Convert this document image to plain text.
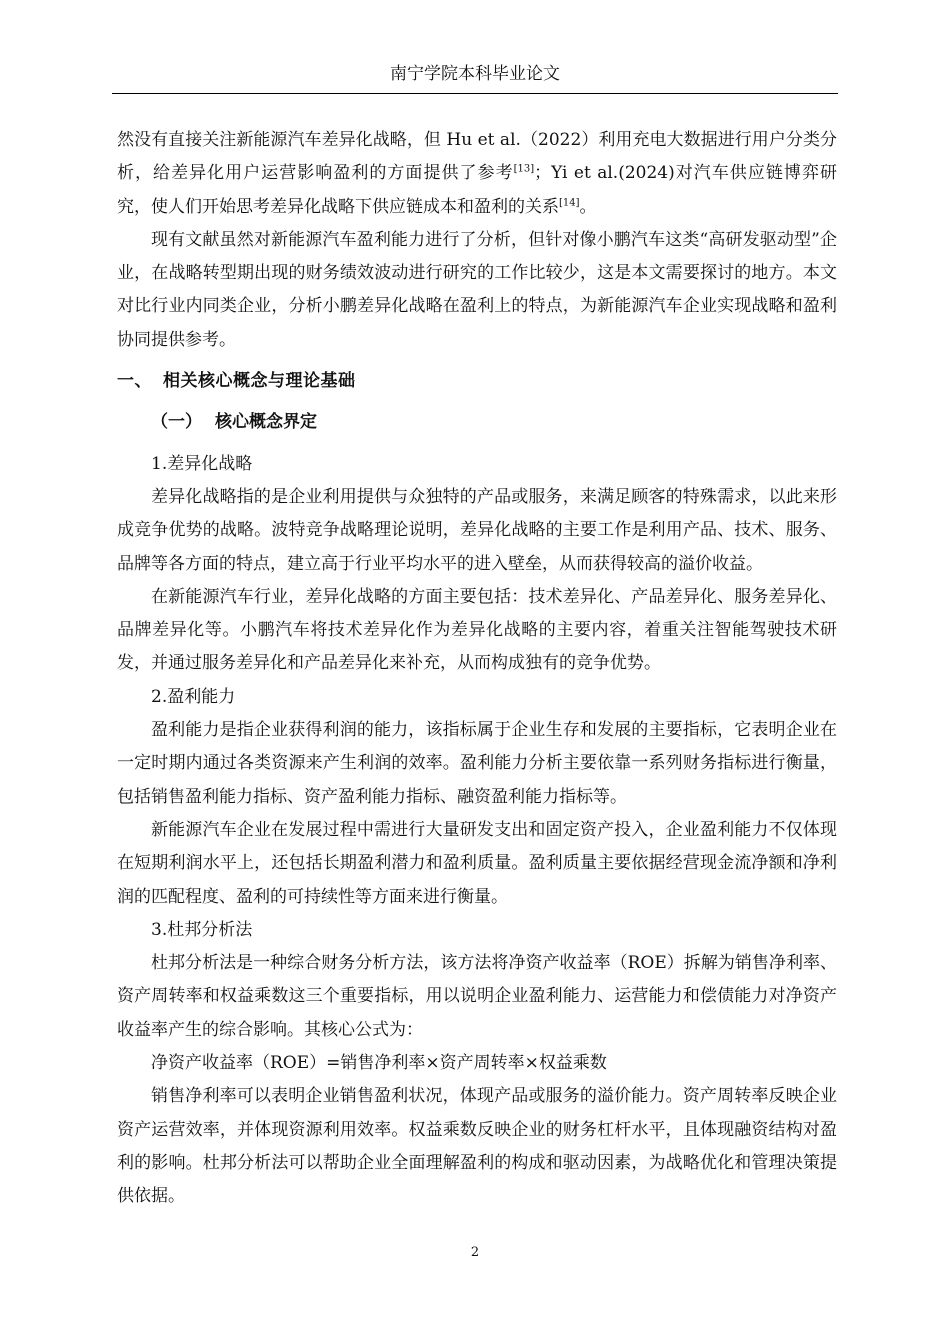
南宁学院本科毕业论文

然没有直接关注新能源汽车差异化战略，但 Hu et al.（2022）利用充电大数据进行用户分类分析，给差异化用户运营影响盈利的方面提供了参考[13]；Yi et al.(2024)对汽车供应链博弈研究，使人们开始思考差异化战略下供应链成本和盈利的关系[14]。

现有文献虽然对新能源汽车盈利能力进行了分析，但针对像小鹏汽车这类“高研发驱动型”企业，在战略转型期出现的财务绩效波动进行研究的工作比较少，这是本文需要探讨的地方。本文对比行业内同类企业，分析小鹏差异化战略在盈利上的特点，为新能源汽车企业实现战略和盈利协同提供参考。

一、 相关核心概念与理论基础

（一） 核心概念界定

1.差异化战略

差异化战略指的是企业利用提供与众独特的产品或服务，来满足顾客的特殊需求，以此来形成竞争优势的战略。波特竞争战略理论说明，差异化战略的主要工作是利用产品、技术、服务、品牌等各方面的特点，建立高于行业平均水平的进入壁垒，从而获得较高的溢价收益。

在新能源汽车行业，差异化战略的方面主要包括：技术差异化、产品差异化、服务差异化、品牌差异化等。小鹏汽车将技术差异化作为差异化战略的主要内容，着重关注智能驾驶技术研发，并通过服务差异化和产品差异化来补充，从而构成独有的竞争优势。

2.盈利能力

盈利能力是指企业获得利润的能力，该指标属于企业生存和发展的主要指标，它表明企业在一定时期内通过各类资源来产生利润的效率。盈利能力分析主要依靠一系列财务指标进行衡量，包括销售盈利能力指标、资产盈利能力指标、融资盈利能力指标等。

新能源汽车企业在发展过程中需进行大量研发支出和固定资产投入，企业盈利能力不仅体现在短期利润水平上，还包括长期盈利潜力和盈利质量。盈利质量主要依据经营现金流净额和净利润的匹配程度、盈利的可持续性等方面来进行衡量。

3.杜邦分析法

杜邦分析法是一种综合财务分析方法，该方法将净资产收益率（ROE）拆解为销售净利率、资产周转率和权益乘数这三个重要指标，用以说明企业盈利能力、运营能力和偿债能力对净资产收益率产生的综合影响。其核心公式为：

净资产收益率（ROE）=销售净利率×资产周转率×权益乘数

销售净利率可以表明企业销售盈利状况，体现产品或服务的溢价能力。资产周转率反映企业资产运营效率，并体现资源利用效率。权益乘数反映企业的财务杠杆水平，且体现融资结构对盈利的影响。杜邦分析法可以帮助企业全面理解盈利的构成和驱动因素，为战略优化和管理决策提供依据。

2
